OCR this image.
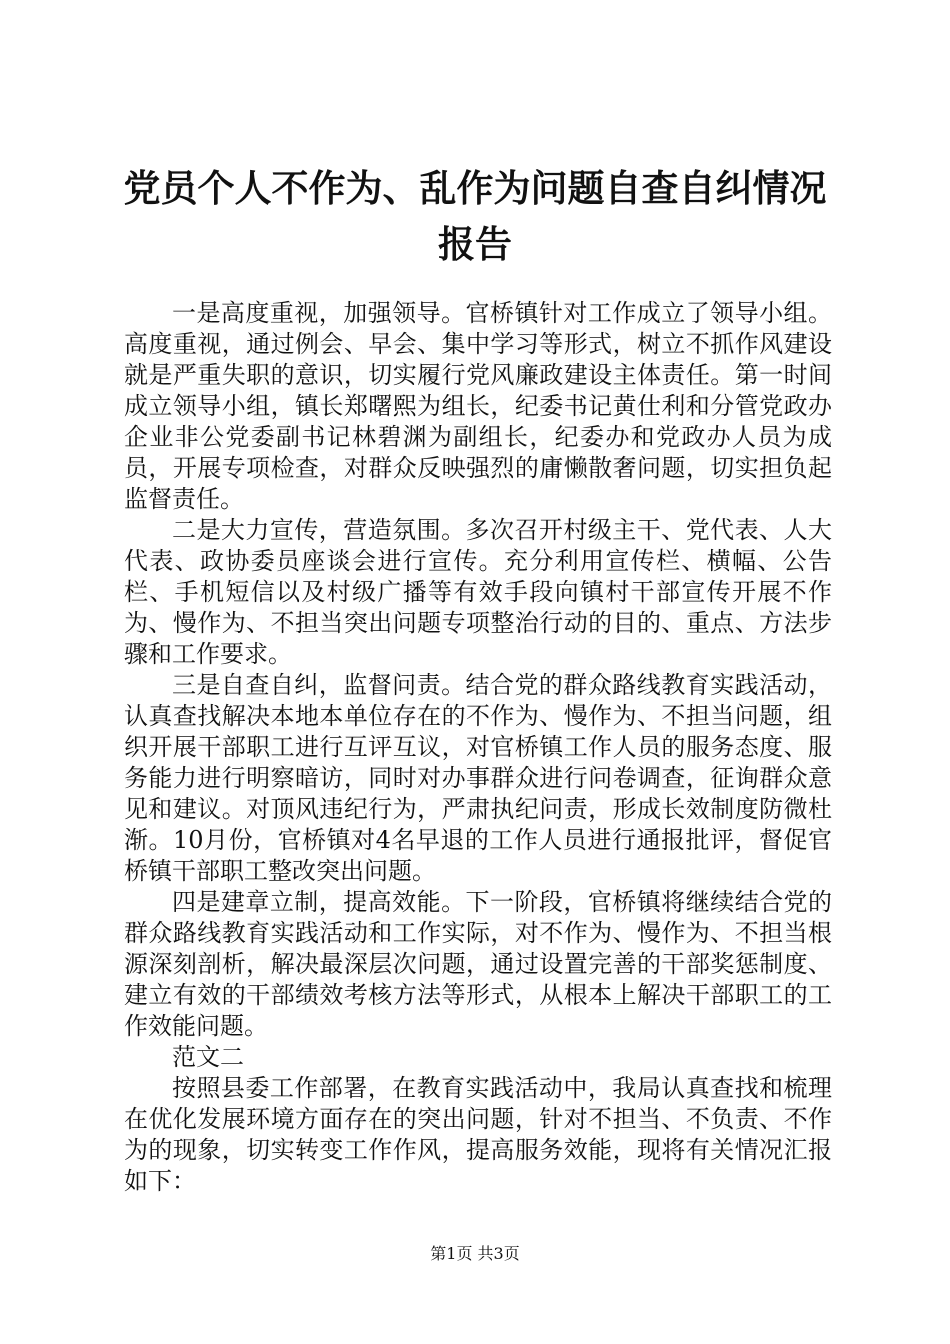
党员个人不作为、乱作为问题自查自纠情况报告

一是高度重视，加强领导。官桥镇针对工作成立了领导小组。高度重视，通过例会、早会、集中学习等形式，树立不抓作风建设就是严重失职的意识，切实履行党风廉政建设主体责任。第一时间成立领导小组，镇长郑曙熙为组长，纪委书记黄仕利和分管党政办企业非公党委副书记林碧渊为副组长，纪委办和党政办人员为成员，开展专项检查，对群众反映强烈的庸懒散奢问题，切实担负起监督责任。

二是大力宣传，营造氛围。多次召开村级主干、党代表、人大代表、政协委员座谈会进行宣传。充分利用宣传栏、横幅、公告栏、手机短信以及村级广播等有效手段向镇村干部宣传开展不作为、慢作为、不担当突出问题专项整治行动的目的、重点、方法步骤和工作要求。

三是自查自纠，监督问责。结合党的群众路线教育实践活动，认真查找解决本地本单位存在的不作为、慢作为、不担当问题，组织开展干部职工进行互评互议，对官桥镇工作人员的服务态度、服务能力进行明察暗访，同时对办事群众进行问卷调查，征询群众意见和建议。对顶风违纪行为，严肃执纪问责，形成长效制度防微杜渐。10月份，官桥镇对4名早退的工作人员进行通报批评，督促官桥镇干部职工整改突出问题。

四是建章立制，提高效能。下一阶段，官桥镇将继续结合党的群众路线教育实践活动和工作实际，对不作为、慢作为、不担当根源深刻剖析，解决最深层次问题，通过设置完善的干部奖惩制度、建立有效的干部绩效考核方法等形式，从根本上解决干部职工的工作效能问题。

范文二

按照县委工作部署，在教育实践活动中，我局认真查找和梳理在优化发展环境方面存在的突出问题，针对不担当、不负责、不作为的现象，切实转变工作作风，提高服务效能，现将有关情况汇报如下：

第1页 共3页
